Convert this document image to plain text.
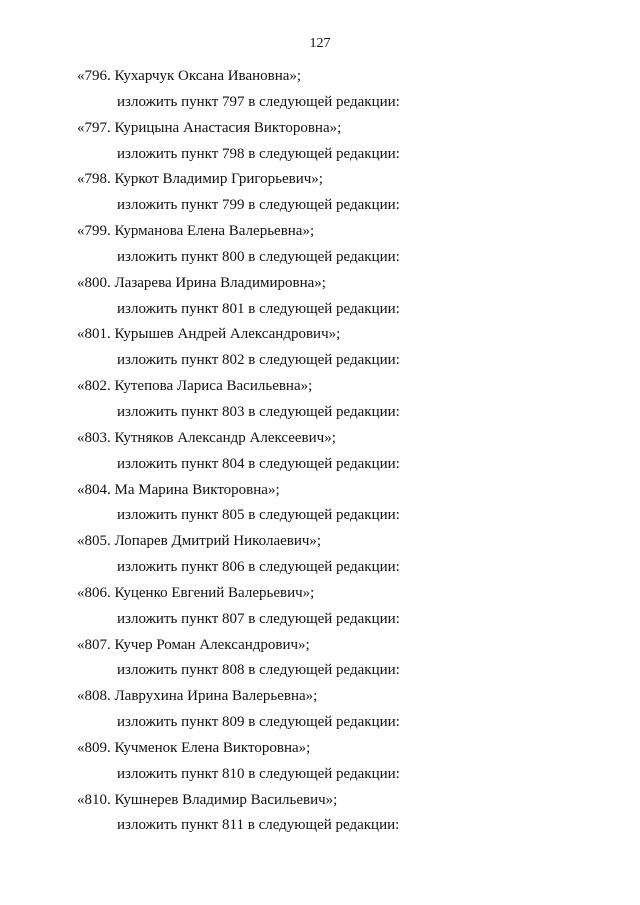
127
«796. Кухарчук Оксана Ивановна»;
изложить пункт 797 в следующей редакции:
«797. Курицына Анастасия Викторовна»;
изложить пункт 798 в следующей редакции:
«798. Куркот Владимир Григорьевич»;
изложить пункт 799 в следующей редакции:
«799. Курманова Елена Валерьевна»;
изложить пункт 800 в следующей редакции:
«800. Лазарева Ирина Владимировна»;
изложить пункт 801 в следующей редакции:
«801. Курышев Андрей Александрович»;
изложить пункт 802 в следующей редакции:
«802. Кутепова Лариса Васильевна»;
изложить пункт 803 в следующей редакции:
«803. Кутняков Александр Алексеевич»;
изложить пункт 804 в следующей редакции:
«804. Ма Марина Викторовна»;
изложить пункт 805 в следующей редакции:
«805. Лопарев Дмитрий Николаевич»;
изложить пункт 806 в следующей редакции:
«806. Куценко Евгений Валерьевич»;
изложить пункт 807 в следующей редакции:
«807. Кучер Роман Александрович»;
изложить пункт 808 в следующей редакции:
«808. Лаврухина Ирина Валерьевна»;
изложить пункт 809 в следующей редакции:
«809. Кучменок Елена Викторовна»;
изложить пункт 810 в следующей редакции:
«810. Кушнерев Владимир Васильевич»;
изложить пункт 811 в следующей редакции:
